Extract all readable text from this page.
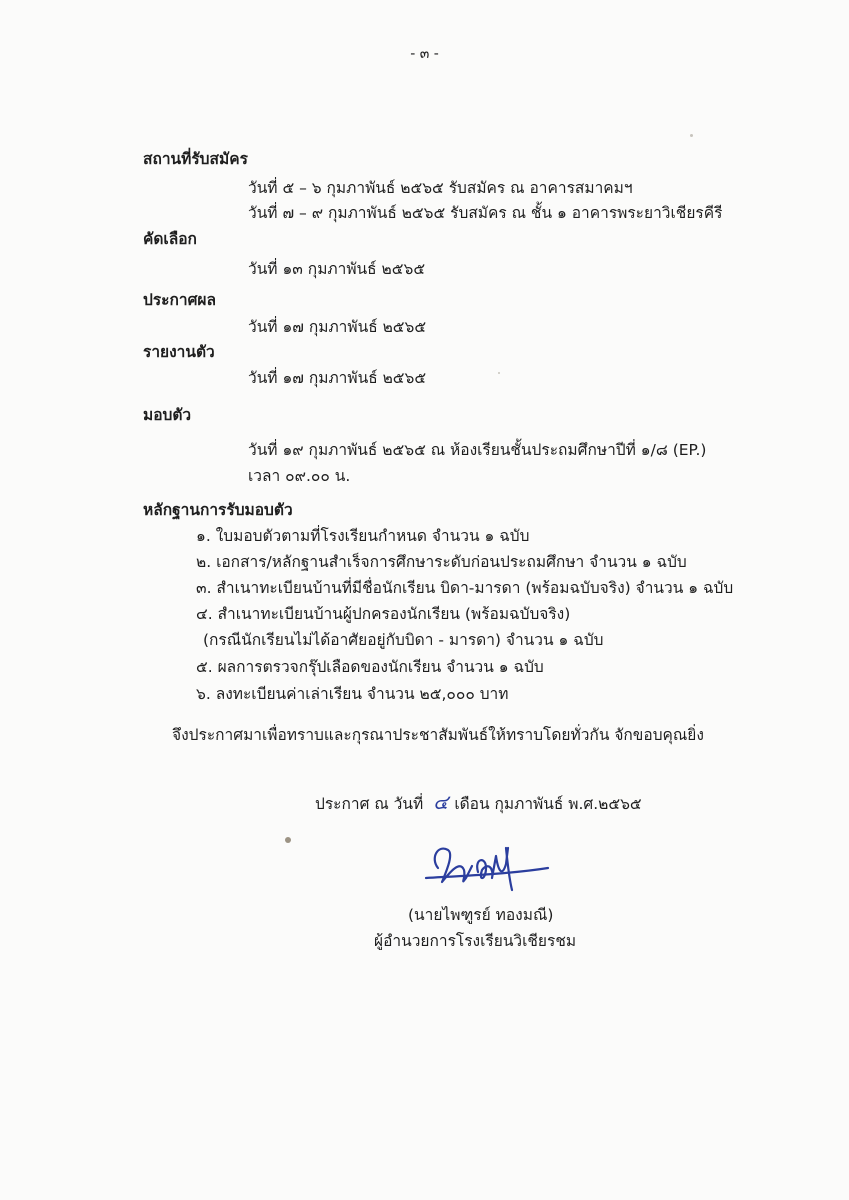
- ๓ -
สถานที่รับสมัคร
วันที่ ๕ – ๖ กุมภาพันธ์ ๒๕๖๕ รับสมัคร ณ อาคารสมาคมฯ
วันที่ ๗ – ๙ กุมภาพันธ์ ๒๕๖๕ รับสมัคร ณ ชั้น ๑ อาคารพระยาวิเชียรคีรี
คัดเลือก
วันที่ ๑๓ กุมภาพันธ์ ๒๕๖๕
ประกาศผล
วันที่ ๑๗ กุมภาพันธ์ ๒๕๖๕
รายงานตัว
วันที่ ๑๗ กุมภาพันธ์ ๒๕๖๕
มอบตัว
วันที่ ๑๙ กุมภาพันธ์ ๒๕๖๕ ณ ห้องเรียนชั้นประถมศึกษาปีที่ ๑/๘ (EP.)
เวลา ๐๙.๐๐ น.
หลักฐานการรับมอบตัว
๑. ใบมอบตัวตามที่โรงเรียนกำหนด จำนวน ๑ ฉบับ
๒. เอกสาร/หลักฐานสำเร็จการศึกษาระดับก่อนประถมศึกษา จำนวน ๑ ฉบับ
๓. สำเนาทะเบียนบ้านที่มีชื่อนักเรียน บิดา-มารดา (พร้อมฉบับจริง) จำนวน ๑ ฉบับ
๔. สำเนาทะเบียนบ้านผู้ปกครองนักเรียน (พร้อมฉบับจริง)
(กรณีนักเรียนไม่ได้อาศัยอยู่กับบิดา - มารดา) จำนวน ๑ ฉบับ
๕. ผลการตรวจกรุ๊ปเลือดของนักเรียน จำนวน ๑ ฉบับ
๖. ลงทะเบียนค่าเล่าเรียน จำนวน ๒๕,๐๐๐ บาท
จึงประกาศมาเพื่อทราบและกุรณาประชาสัมพันธ์ให้ทราบโดยทั่วกัน จักขอบคุณยิ่ง
ประกาศ ณ วันที่ ๔ เดือน กุมภาพันธ์ พ.ศ.๒๕๖๕
(นายไพฑูรย์ ทองมณี)
ผู้อำนวยการโรงเรียนวิเชียรชม
